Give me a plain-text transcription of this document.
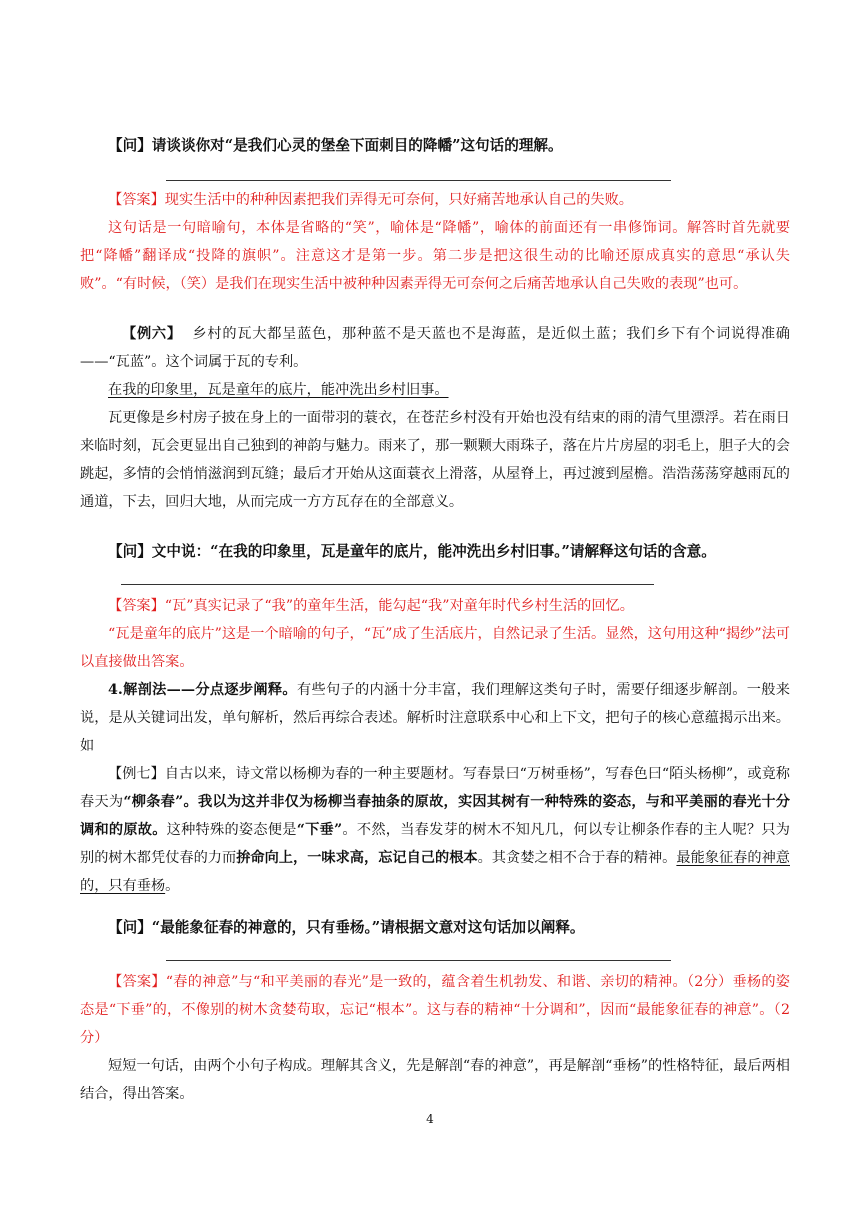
【问】请谈谈你对“是我们心灵的堡垒下面刺目的降幡”这句话的理解。
【答案】现实生活中的种种因素把我们弄得无可奈何，只好痛苦地承认自己的失败。
这句话是一句暗喻句，本体是省略的“笑”，喻体是“降幡”，喻体的前面还有一串修饰词。解答时首先就要把“降幡”翻译成“投降的旗帜”。注意这才是第一步。第二步是把这很生动的比喻还原成真实的意思“承认失败”。“有时候，（笑）是我们在现实生活中被种种因素弄得无可奈何之后痛苦地承认自己失败的表现”也可。
【例六】 乡村的瓦大都呈蓝色，那种蓝不是天蓝也不是海蓝，是近似土蓝；我们乡下有个词说得准确——“瓦蓝”。这个词属于瓦的专利。
在我的印象里，瓦是童年的底片，能冲洗出乡村旧事。
瓦更像是乡村房子披在身上的一面带羽的蓑衣，在苍茫乡村没有开始也没有结束的雨的清气里漂浮。若在雨日来临时刻，瓦会更显出自己独到的神韵与魅力。雨来了，那一颗颗大雨珠子，落在片片房屋的羽毛上，胆子大的会跳起，多情的会悄悄滋润到瓦缝；最后才开始从这面蓑衣上滑落，从屋脊上，再过渡到屋檐。浩浩荡荡穿越雨瓦的通道，下去，回归大地，从而完成一方方瓦存在的全部意义。
【问】文中说：“在我的印象里，瓦是童年的底片，能冲洗出乡村旧事。”请解释这句话的含意。
【答案】“瓦”真实记录了“我”的童年生活，能勾起“我”对童年时代乡村生活的回忆。
“瓦是童年的底片”这是一个暗喻的句子，“瓦”成了生活底片，自然记录了生活。显然，这句用这种“揭纱”法可以直接做出答案。
4.解剖法——分点逐步阐释。有些句子的内涵十分丰富，我们理解这类句子时，需要仔细逐步解剖。一般来说，是从关键词出发，单句解析，然后再综合表述。解析时注意联系中心和上下文，把句子的核心意蕴揭示出来。如
【例七】自古以来，诗文常以杨柳为春的一种主要题材。写春景曰“万树垂杨”，写春色曰“陌头杨柳”，或竟称春天为“柳条春”。我以为这并非仅为杨柳当春抽条的原故，实因其树有一种特殊的姿态，与和平美丽的春光十分调和的原故。这种特殊的姿态便是“下垂”。不然，当春发芽的树木不知凡几，何以专让柳条作春的主人呢？只为别的树木都凭仗春的力而拚命向上，一味求高，忘记自己的根本。其贪婪之相不合于春的精神。最能象征春的神意的，只有垂杨。
【问】“最能象征春的神意的，只有垂杨。”请根据文意对这句话加以阐释。
【答案】“春的神意”与“和平美丽的春光”是一致的，蕴含着生机勃发、和谐、亲切的精神。（2分）垂杨的姿态是“下垂”的，不像别的树木贪婪苟取，忘记“根本”。这与春的精神“十分调和”，因而“最能象征春的神意”。（2分）
短短一句话，由两个小句子构成。理解其含义，先是解剖“春的神意”，再是解剖“垂杨”的性格特征，最后两相结合，得出答案。
4
